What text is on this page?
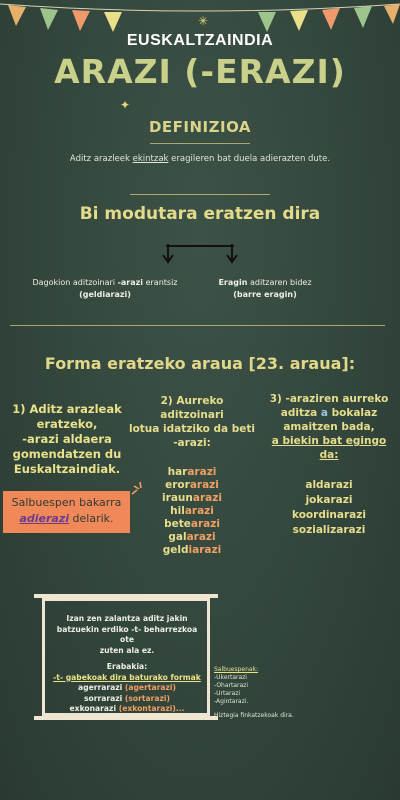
✳
✦
EUSKALTZAINDIA
ARAZI (-ERAZI)
DEFINIZIOA
Aditz arazleek ekintzak eragileren bat duela adierazten dute.
Bi modutara eratzen dira
Dagokion aditzoinari -arazi erantsiz
(geldiarazi)
Eragin aditzaren bidez
(barre eragin)
Forma eratzeko araua [23. araua]:
1) Aditz arazleak
eratzeko,
-arazi aldaera
gomendatzen du
Euskaltzaindiak.
Salbuespen bakarra
adierazi delarik.
2) Aurreko aditzoinari
lotua idatziko da beti
-arazi:
hararazi
erorarazi
iraunarazi
hilarazi
betearazi
galarazi
geldiarazi
3) -araziren aurreko
aditza a bokalaz
amaitzen bada,
a biekin bat egingo da:
aldarazi
jokarazi
koordinarazi
sozializarazi
Izan zen zalantza aditz jakin
batzuekin erdiko -t- beharrezkoa ote
zuten ala ez.
Erabakia:
-t- gabekoak dira baturako formak
agerrarazi (agertarazi)
sorrarazi (sortarazi)
exkonarazi (exkontarazi)...
Salbuespenak:
-Ukertarazi
-Ohartarazi
-Urtarazi
-Agintarazi.
Hiztegia finkatzekoak dira.
